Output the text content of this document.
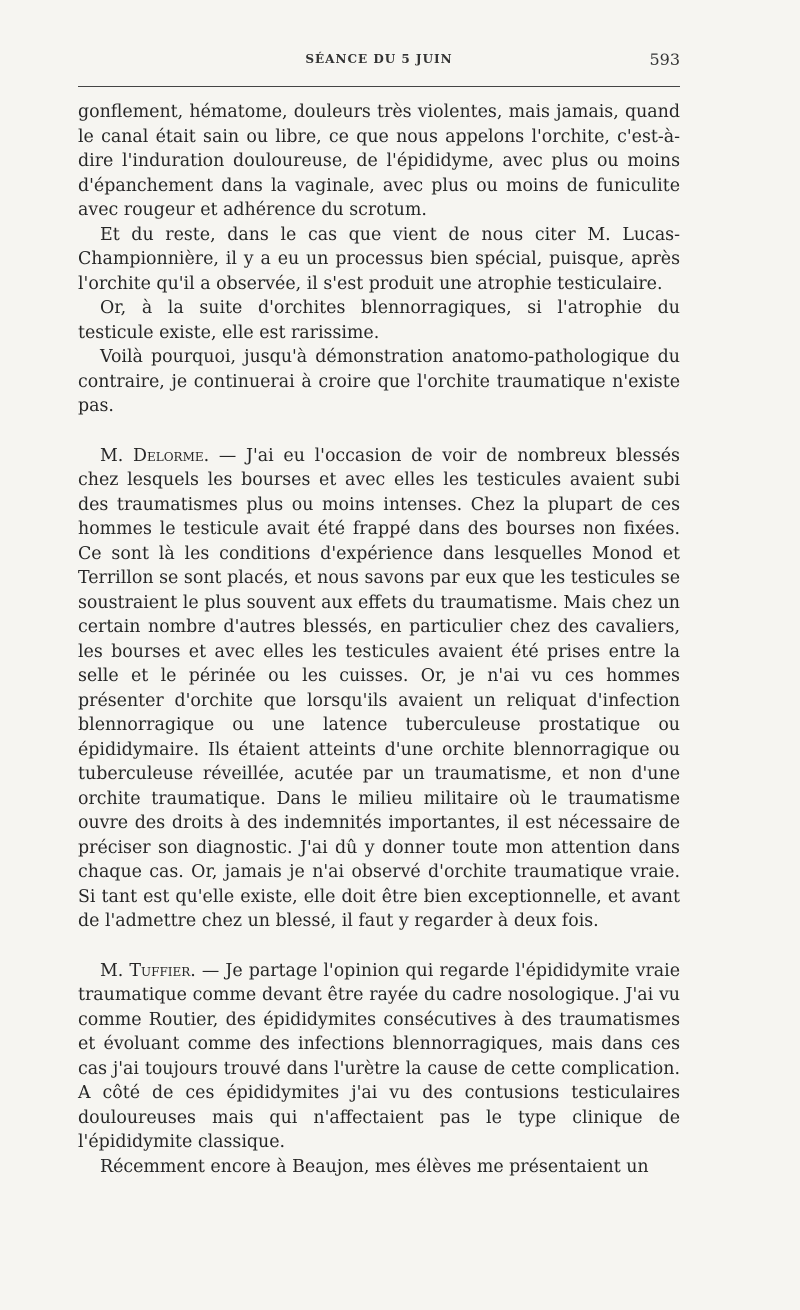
SÉANCE DU 5 JUIN	593

gonflement, hématome, douleurs très violentes, mais jamais, quand le canal était sain ou libre, ce que nous appelons l'orchite, c'est-à-dire l'induration douloureuse, de l'épididyme, avec plus ou moins d'épanchement dans la vaginale, avec plus ou moins de funiculite avec rougeur et adhérence du scrotum.

Et du reste, dans le cas que vient de nous citer M. Lucas-Championnière, il y a eu un processus bien spécial, puisque, après l'orchite qu'il a observée, il s'est produit une atrophie testiculaire.

Or, à la suite d'orchites blennorragiques, si l'atrophie du testicule existe, elle est rarissime.

Voilà pourquoi, jusqu'à démonstration anatomo-pathologique du contraire, je continuerai à croire que l'orchite traumatique n'existe pas.

M. Delorme. — J'ai eu l'occasion de voir de nombreux blessés chez lesquels les bourses et avec elles les testicules avaient subi des traumatismes plus ou moins intenses. Chez la plupart de ces hommes le testicule avait été frappé dans des bourses non fixées. Ce sont là les conditions d'expérience dans lesquelles Monod et Terrillon se sont placés, et nous savons par eux que les testicules se soustraient le plus souvent aux effets du traumatisme. Mais chez un certain nombre d'autres blessés, en particulier chez des cavaliers, les bourses et avec elles les testicules avaient été prises entre la selle et le périnée ou les cuisses. Or, je n'ai vu ces hommes présenter d'orchite que lorsqu'ils avaient un reliquat d'infection blennorragique ou une latence tuberculeuse prostatique ou épididymaire. Ils étaient atteints d'une orchite blennorragique ou tuberculeuse réveillée, acutée par un traumatisme, et non d'une orchite traumatique. Dans le milieu militaire où le traumatisme ouvre des droits à des indemnités importantes, il est nécessaire de préciser son diagnostic. J'ai dû y donner toute mon attention dans chaque cas. Or, jamais je n'ai observé d'orchite traumatique vraie. Si tant est qu'elle existe, elle doit être bien exceptionnelle, et avant de l'admettre chez un blessé, il faut y regarder à deux fois.

M. Tuffier. — Je partage l'opinion qui regarde l'épididymite vraie traumatique comme devant être rayée du cadre nosologique. J'ai vu comme Routier, des épididymites consécutives à des traumatismes et évoluant comme des infections blennorragiques, mais dans ces cas j'ai toujours trouvé dans l'urètre la cause de cette complication. A côté de ces épididymites j'ai vu des contusions testiculaires douloureuses mais qui n'affectaient pas le type clinique de l'épididymite classique.

Récemment encore à Beaujon, mes élèves me présentaient un
